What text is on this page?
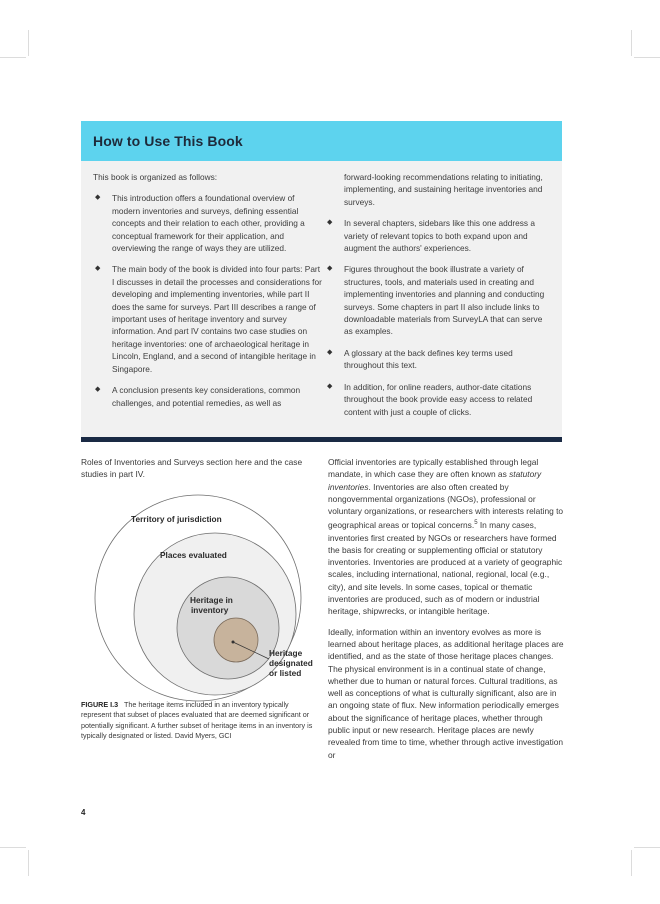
How to Use This Book

This book is organized as follows:

◆ This introduction offers a foundational overview of modern inventories and surveys, defining essential concepts and their relation to each other, providing a conceptual framework for their application, and overviewing the range of ways they are utilized.
◆ The main body of the book is divided into four parts: Part I discusses in detail the processes and considerations for developing and implementing inventories, while part II does the same for surveys. Part III describes a range of important uses of heritage inventory and survey information. And part IV contains two case studies on heritage inventories: one of archaeological heritage in Lincoln, England, and a second of intangible heritage in Singapore.
◆ A conclusion presents key considerations, common challenges, and potential remedies, as well as

forward-looking recommendations relating to initiating, implementing, and sustaining heritage inventories and surveys.

◆ In several chapters, sidebars like this one address a variety of relevant topics to both expand upon and augment the authors' experiences.
◆ Figures throughout the book illustrate a variety of structures, tools, and materials used in creating and implementing inventories and planning and conducting surveys. Some chapters in part II also include links to downloadable materials from SurveyLA that can serve as examples.
◆ A glossary at the back defines key terms used throughout this text.
◆ In addition, for online readers, author-date citations throughout the book provide easy access to related content with just a couple of clicks.

Roles of Inventories and Surveys section here and the case studies in part IV.

Territory of jurisdiction
Places evaluated
Heritage in
inventory
Heritage
designated
or listed
FIGURE I.3 The heritage items included in an inventory typically represent that subset of places evaluated that are deemed significant or potentially significant. A further subset of heritage items in an inventory is typically designated or listed. David Myers, GCI

Official inventories are typically established through legal mandate, in which case they are often known as statutory inventories. Inventories are also often created by nongovernmental organizations (NGOs), professional or voluntary organizations, or researchers with interests relating to geographical areas or topical concerns.$^5$ In many cases, inventories first created by NGOs or researchers have formed the basis for creating or supplementing official or statutory inventories. Inventories are produced at a variety of geographic scales, including international, national, regional, local (e.g., city), and site levels. In some cases, topical or thematic inventories are produced, such as of modern or industrial heritage, shipwrecks, or intangible heritage.

Ideally, information within an inventory evolves as more is learned about heritage places, as additional heritage places are identified, and as the state of those heritage places changes. The physical environment is in a continual state of change, whether due to human or natural forces. Cultural traditions, as well as conceptions of what is culturally significant, also are in an ongoing state of flux. New information periodically emerges about the significance of heritage places, whether through public input or new research. Heritage places are newly revealed from time to time, whether through active investigation or

4
